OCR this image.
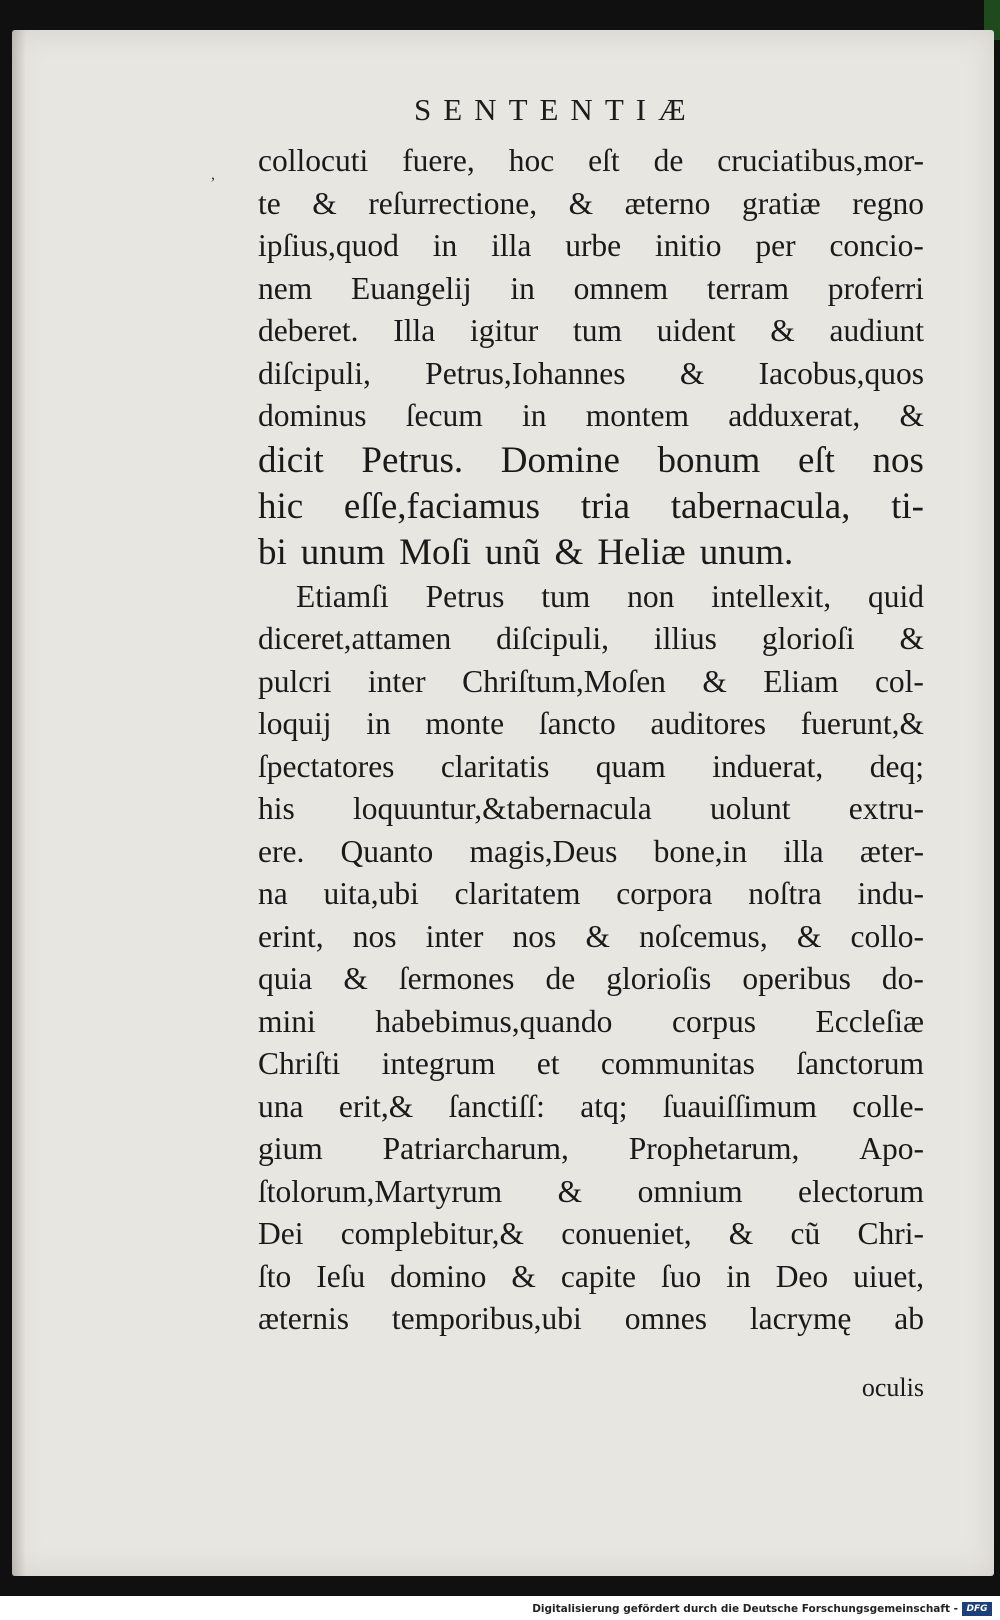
,
SENTENTIÆ
collocuti fuere, hoc eſt de cruciatibus,mor-
te & reſurrectione, & æterno gratiæ regno
ipſius,quod in illa urbe initio per concio-
nem Euangelij in omnem terram proferri
deberet. Illa igitur tum uident & audiunt
diſcipuli, Petrus,Iohannes & Iacobus,quos
dominus ſecum in montem adduxerat, &
dicit Petrus. Domine bonum eſt nos
hic eſſe,faciamus tria tabernacula, ti-
bi unum Moſi unũ & Heliæ unum.
Etiamſi Petrus tum non intellexit, quid
diceret,attamen diſcipuli, illius glorioſi &
pulcri inter Chriſtum,Moſen & Eliam col-
loquij in monte ſancto auditores fuerunt,&
ſpectatores claritatis quam induerat, deq;
his loquuntur,&tabernacula uolunt extru-
ere. Quanto magis,Deus bone,in illa æter-
na uita,ubi claritatem corpora noſtra indu-
erint, nos inter nos & noſcemus, & collo-
quia & ſermones de glorioſis operibus do-
mini habebimus,quando corpus Eccleſiæ
Chriſti integrum et communitas ſanctorum
una erit,& ſanctiſſ: atq; ſuauiſſimum colle-
gium Patriarcharum, Prophetarum, Apo-
ſtolorum,Martyrum & omnium electorum
Dei complebitur,& conueniet, & cũ Chri-
ſto Ieſu domino & capite ſuo in Deo uiuet,
æternis temporibus,ubi omnes lacrymę ab
oculis
Digitalisierung gefördert durch die Deutsche Forschungsgemeinschaft - DFG
